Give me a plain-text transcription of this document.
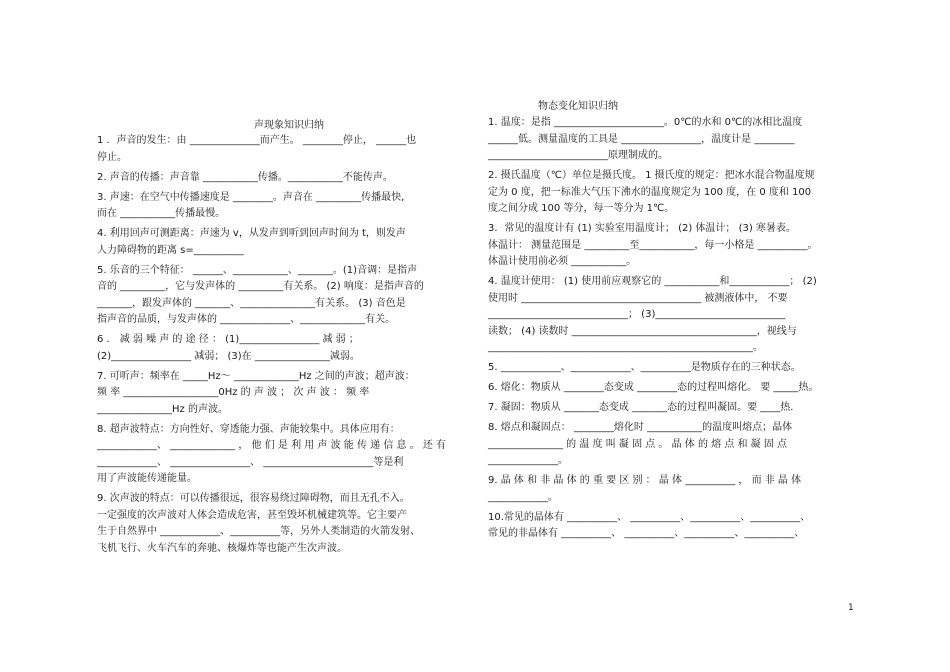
声现象知识归纳
物态变化知识归纳
1 ．声音的发生：由 ______________而产生。 ________停止， ______也
停止。
2. 声音的传播：声音靠 ___________传播。___________不能传声。
3. 声速：在空气中传播速度是 ________。声音在 _________传播最快,
而在 ___________传播最慢。
4. 利用回声可测距离：声速为 v，从发声到听到回声时间为 t，则发声
人力障碍物的距离 s=__________
5. 乐音的三个特征： ______、___________、_______。(1)音调：是指声
音的 _________，它与发声体的 _________有关系。 (2) 响度：是指声音的
_______，跟发声体的 _______、_______________有关系。 (3) 音色是
指声音的品质，与发声体的 ______________、_____________有关。
6 ． 减 弱 噪 声 的 途 径 ： (1)________________ 减 弱 ；
(2)________________ 减弱； (3)在 _______________减弱。
7. 可听声：频率在 _____Hz～ _____________Hz 之间的声波；超声波：
频 率 ___________________0Hz 的 声 波 ； 次 声 波 ： 频 率
_______________Hz 的声波。
8. 超声波特点：方向性好、穿透能力强、声能较集中。具体应用有：
____________、 _____________ ， 他 们 是 利 用 声 波 能 传 递 信 息 。 还 有
____________、 ________________、 ______________________等是利
用了声波能传递能量。
9. 次声波的特点：可以传播很远，很容易绕过障碍物，而且无孔不入。
一定强度的次声波对人体会造成危害，甚至毁坏机械建筑等。它主要产
生于自然界中 ____________、__________等，另外人类制造的火箭发射、
飞机飞行、火车汽车的奔驰、核爆炸等也能产生次声波。
1. 温度：是指 ______________________。0℃的水和 0℃的冰相比温度
______低。测量温度的工具是 ________________，温度计是 ________
________________________原理制成的。
2. 摄氏温度（℃）单位是摄氏度。 1 摄氏度的规定：把冰水混合物温度规
定为 0 度，把一标准大气压下沸水的温度规定为 100 度，在 0 度和 100
度之间分成 100 等分，每一等分为 1℃。
3．常见的温度计有 (1) 实验室用温度计； (2) 体温计； (3) 寒暑表。
体温计： 测量范围是 _________至___________，每一小格是 __________。
体温计使用前必须 ___________。
4. 温度计使用： (1) 使用前应观察它的 ___________和____________； (2)
使用时 ____________________________________ 被测液体中， 不要
____________________________； (3)__________________________
读数； (4) 读数时 _____________________________________，视线与
_____________________________________________________。
5. ____________、____________、__________是物质存在的三种状态。
6. 熔化：物质从 ________态变成 ________态的过程叫熔化。 要 _____热。
7. 凝固：物质从 _______态变成 _______态的过程叫凝固。要 ____热.
8. 熔点和凝固点： ________熔化时 ___________的温度叫熔点；晶体
_______________ 的 温 度 叫 凝 固 点 。 晶 体 的 熔 点 和 凝 固 点
______________。
9. 晶 体 和 非 晶 体 的 重 要 区 别 ： 晶 体 __________ ， 而 非 晶 体
____________。
10.常见的晶体有 __________、 __________、__________、__________、
常见的非晶体有 __________、 __________、__________、__________、
1
